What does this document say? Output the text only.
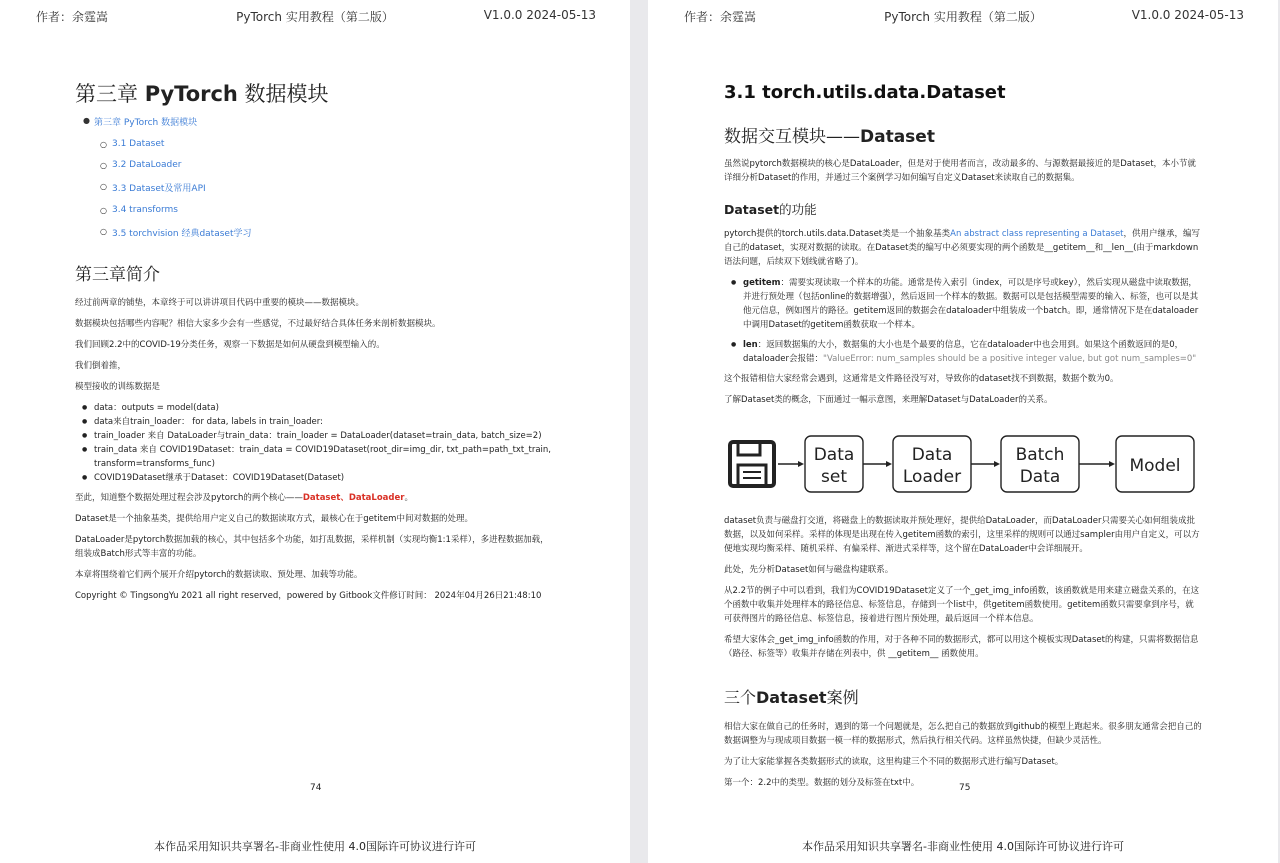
作者：余霆嵩	PyTorch 实用教程（第二版）	V1.0.0 2024-05-13
第三章 PyTorch 数据模块
● 第三章 PyTorch 数据模块
○ 3.1 Dataset
○ 3.2 DataLoader
○ 3.3 Dataset及常用API
○ 3.4 transforms
○ 3.5 torchvision 经典dataset学习
第三章简介

经过前两章的铺垫，本章终于可以讲讲项目代码中重要的模块——数据模块。

数据模块包括哪些内容呢？相信大家多少会有一些感觉，不过最好结合具体任务来剖析数据模块。

我们回顾2.2中的COVID-19分类任务，观察一下数据是如何从硬盘到模型输入的。

我们倒着推，

模型接收的训练数据是

● data：outputs = model(data)
● data来自train_loader： for data, labels in train_loader:
● train_loader 来自 DataLoader与train_data：train_loader = DataLoader(dataset=train_data, batch_size=2)
● train_data 来自 COVID19Dataset：train_data = COVID19Dataset(root_dir=img_dir, txt_path=path_txt_train, transform=transforms_func)
● COVID19Dataset继承于Dataset：COVID19Dataset(Dataset)

至此，知道整个数据处理过程会涉及pytorch的两个核心——Dataset、DataLoader。

Dataset是一个抽象基类，提供给用户定义自己的数据读取方式，最核心在于getitem中间对数据的处理。

DataLoader是pytorch数据加载的核心，其中包括多个功能，如打乱数据，采样机制（实现均衡1:1采样），多进程数据加载，组装成Batch形式等丰富的功能。

本章将围绕着它们两个展开介绍pytorch的数据读取、预处理、加载等功能。

Copyright © TingsongYu 2021 all right reserved，powered by Gitbook文件修订时间： 2024年04月26日21:48:10

74
本作品采用知识共享署名-非商业性使用 4.0国际许可协议进行许可
作者：余霆嵩	PyTorch 实用教程（第二版）	V1.0.0 2024-05-13
3.1 torch.utils.data.Dataset
数据交互模块——Dataset

虽然说pytorch数据模块的核心是DataLoader，但是对于使用者而言，改动最多的、与源数据最接近的是Dataset，本小节就详细分析Dataset的作用，并通过三个案例学习如何编写自定义Dataset来读取自己的数据集。

Dataset的功能

pytorch提供的torch.utils.data.Dataset类是一个抽象基类An abstract class representing a Dataset，供用户继承，编写自己的dataset，实现对数据的读取。在Dataset类的编写中必须要实现的两个函数是__getitem__和__len__(由于markdown语法问题，后续双下划线就省略了)。

● getitem：需要实现读取一个样本的功能。通常是传入索引（index，可以是序号或key），然后实现从磁盘中读取数据，并进行预处理（包括online的数据增强），然后返回一个样本的数据。数据可以是包括模型需要的输入、标签，也可以是其他元信息，例如图片的路径。getitem返回的数据会在dataloader中组装成一个batch。即，通常情况下是在dataloader中调用Dataset的getitem函数获取一个样本。
● len：返回数据集的大小，数据集的大小也是个最要的信息，它在dataloader中也会用到。如果这个函数返回的是0，dataloader会报错："ValueError: num_samples should be a positive integer value, but got num_samples=0"

这个报错相信大家经常会遇到，这通常是文件路径没写对，导致你的dataset找不到数据，数据个数为0。

了解Dataset类的概念，下面通过一幅示意图，来理解Dataset与DataLoader的关系。

Data
set
Data
Loader
Batch
Data
Model

dataset负责与磁盘打交道，将磁盘上的数据读取并预处理好，提供给DataLoader，而DataLoader只需要关心如何组装成批数据，以及如何采样。采样的体现是出现在传入getitem函数的索引，这里采样的规则可以通过sampler由用户自定义，可以方便地实现均衡采样、随机采样、有偏采样、渐进式采样等，这个留在DataLoader中会详细展开。

此处，先分析Dataset如何与磁盘构建联系。

从2.2节的例子中可以看到，我们为COVID19Dataset定义了一个_get_img_info函数，该函数就是用来建立磁盘关系的，在这个函数中收集并处理样本的路径信息、标签信息，存储到一个list中，供getitem函数使用。getitem函数只需要拿到序号，就可获得图片的路径信息、标签信息，接着进行图片预处理，最后返回一个样本信息。

希望大家体会_get_img_info函数的作用，对于各种不同的数据形式，都可以用这个模板实现Dataset的构建，只需将数据信息（路径、标签等）收集并存储在列表中，供 __getitem__ 函数使用。

三个Dataset案例

相信大家在做自己的任务时，遇到的第一个问题就是，怎么把自己的数据放到github的模型上跑起来。很多朋友通常会把自己的数据调整为与现成项目数据一模一样的数据形式，然后执行相关代码。这样虽然快捷，但缺少灵活性。

为了让大家能掌握各类数据形式的读取，这里构建三个不同的数据形式进行编写Dataset。

第一个：2.2中的类型。数据的划分及标签在txt中。	75
本作品采用知识共享署名-非商业性使用 4.0国际许可协议进行许可
